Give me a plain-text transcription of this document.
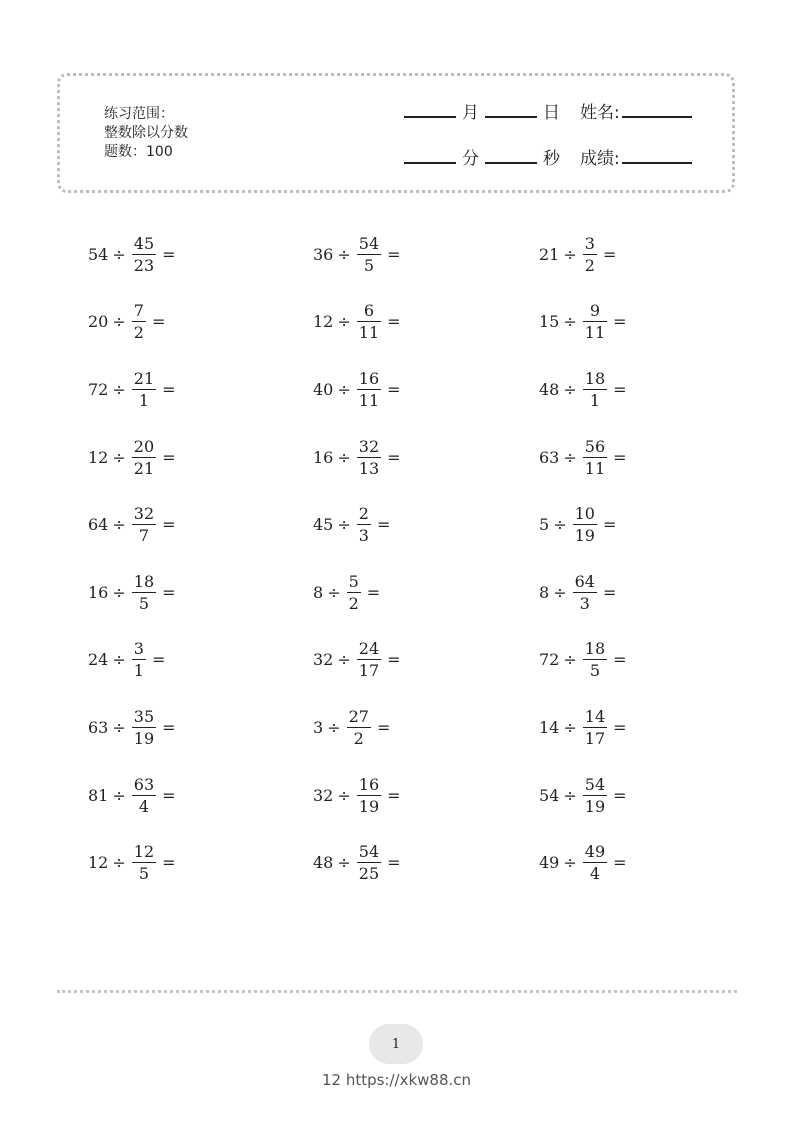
练习范围：
整数除以分数
题数：100
月	日 姓名:
分	秒 成绩:
$54 \div \frac{45}{23}$ =	$36 \div \frac{54}{5}$ =	$21 \div \frac{3}{2}$ =
$20 \div \frac{7}{2}$ =	$12 \div \frac{6}{11}$ =	$15 \div \frac{9}{11}$ =
$72 \div \frac{21}{1}$ =	$40 \div \frac{16}{11}$ =	$48 \div \frac{18}{1}$ =
$12 \div \frac{20}{21}$ =	$16 \div \frac{32}{13}$ =	$63 \div \frac{56}{11}$ =
$64 \div \frac{32}{7}$ =	$45 \div \frac{2}{3}$ =	$5 \div \frac{10}{19}$ =
$16 \div \frac{18}{5}$ =	$8 \div \frac{5}{2}$ =	$8 \div \frac{64}{3}$ =
$24 \div \frac{3}{1}$ =	$32 \div \frac{24}{17}$ =	$72 \div \frac{18}{5}$ =
$63 \div \frac{35}{19}$ =	$3 \div \frac{27}{2}$ =	$14 \div \frac{14}{17}$ =
$81 \div \frac{63}{4}$ =	$32 \div \frac{16}{19}$ =	$54 \div \frac{54}{19}$ =
$12 \div \frac{12}{5}$ =	$48 \div \frac{54}{25}$ =	$49 \div \frac{49}{4}$ =
1
12 https://xkw88.cn
